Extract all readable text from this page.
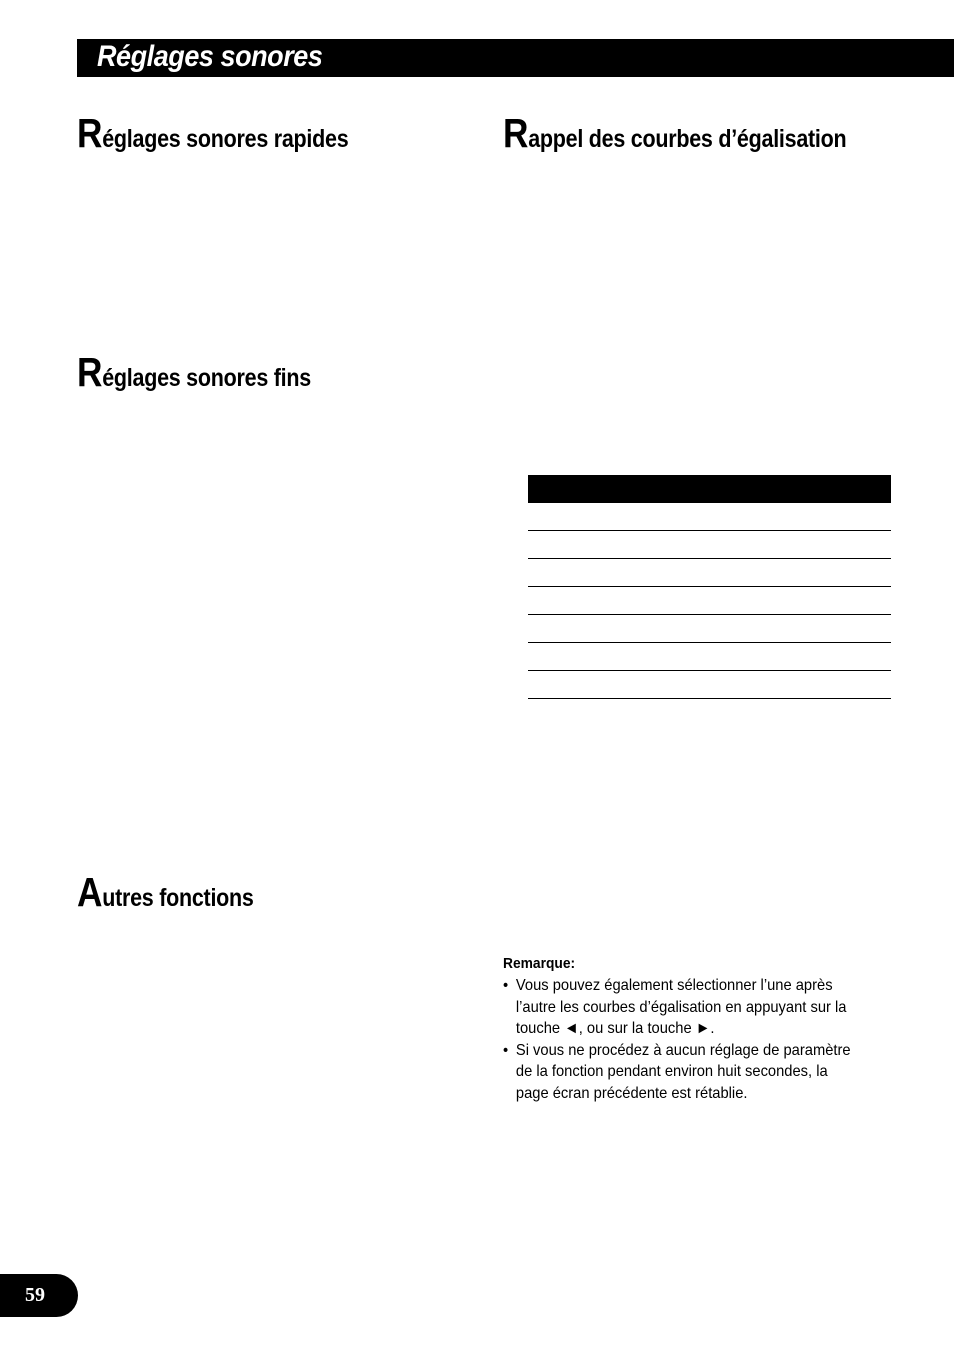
Réglages sonores
Réglages sonores rapides
Réglages sonores fins
Autres fonctions
Rappel des courbes d’égalisation
Remarque:
• Vous pouvez également sélectionner l’une après l’autre les courbes d’égalisation en appuyant sur la touche ◄, ou sur la touche ►.
• Si vous ne procédez à aucun réglage de paramètre de la fonction pendant environ huit secondes, la page écran précédente est rétablie.
59
